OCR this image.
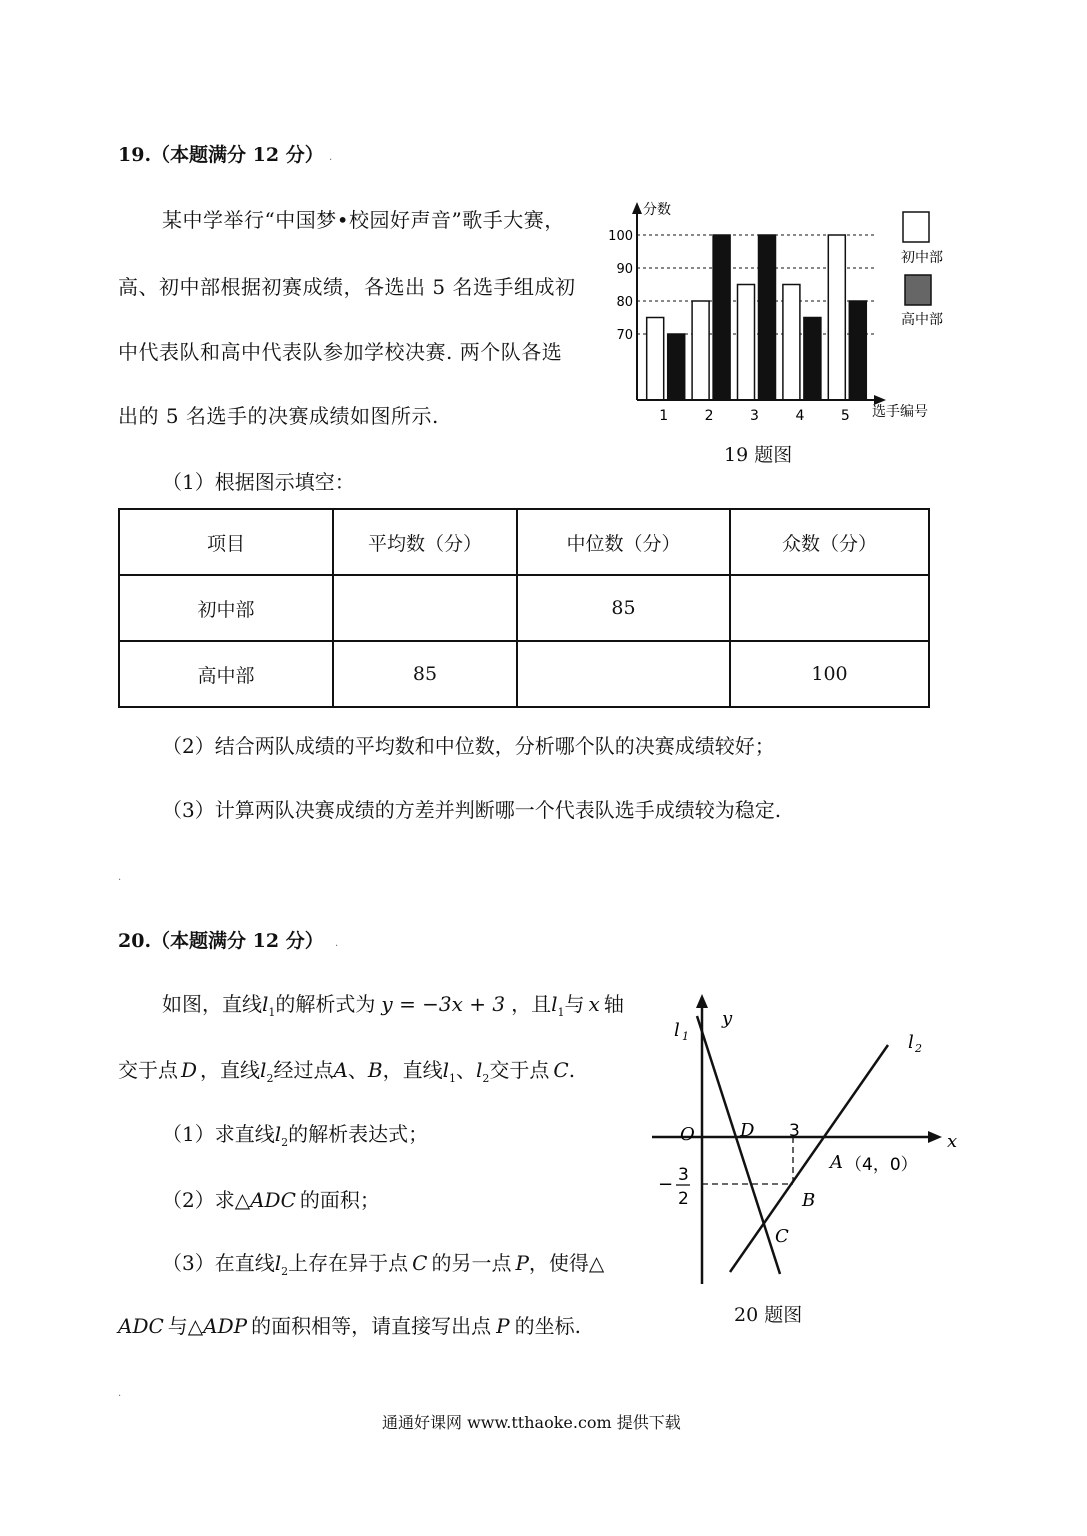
19.（本题满分 12 分） .
某中学举行“中国梦•校园好声音”歌手大赛，
高、初中部根据初赛成绩，各选出 5 名选手组成初
中代表队和高中代表队参加学校决赛. 两个队各选
出的 5 名选手的决赛成绩如图所示.
70
80
90
100
1	2	3	4	5
分数
选手编号
初中部
高中部
19 题图
（1）根据图示填空：
项目	平均数（分）	中位数（分）	众数（分）
初中部		85	
高中部	85		100
（2）结合两队成绩的平均数和中位数，分析哪个队的决赛成绩较好；
（3）计算两队决赛成绩的方差并判断哪一个代表队选手成绩较为稳定.
.
20.（本题满分 12 分） .
如图，直线$l_1$的解析式为 y = −3x + 3 ，且$l_1$与 x 轴
交于点 D ，直线$l_2$经过点A、B，直线$l_1$、$l_2$交于点 C.
（1）求直线$l_2$的解析表达式；
（2）求△ADC 的面积；
（3）在直线$l_2$上存在异于点 C 的另一点 P，使得△
ADC 与△ADP 的面积相等，请直接写出点 P 的坐标.
l 1	l 2
y
x
O	D 3
A （4，0）
B
C
− 3
2
20 题图
.
通通好课网 www.tthaoke.com 提供下载
